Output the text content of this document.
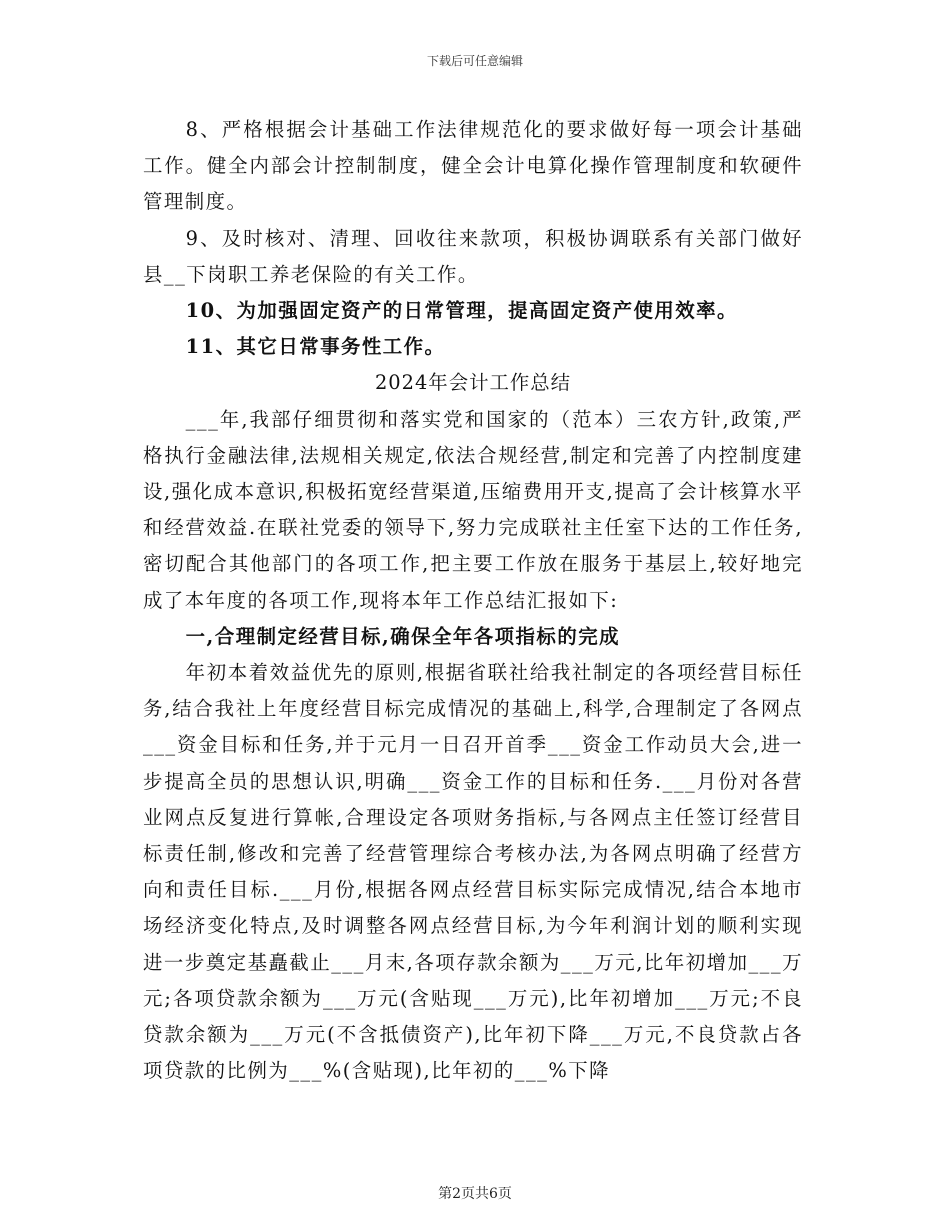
下载后可任意编辑

8、严格根据会计基础工作法律规范化的要求做好每一项会计基础工作。健全内部会计控制制度，健全会计电算化操作管理制度和软硬件管理制度。

9、及时核对、清理、回收往来款项，积极协调联系有关部门做好县__下岗职工养老保险的有关工作。

10、为加强固定资产的日常管理，提高固定资产使用效率。

11、其它日常事务性工作。

2024年会计工作总结

___年,我部仔细贯彻和落实党和国家的（范本）三农方针,政策,严格执行金融法律,法规相关规定,依法合规经营,制定和完善了内控制度建设,强化成本意识,积极拓宽经营渠道,压缩费用开支,提高了会计核算水平和经营效益.在联社党委的领导下,努力完成联社主任室下达的工作任务,密切配合其他部门的各项工作,把主要工作放在服务于基层上,较好地完成了本年度的各项工作,现将本年工作总结汇报如下:

一,合理制定经营目标,确保全年各项指标的完成

年初本着效益优先的原则,根据省联社给我社制定的各项经营目标任务,结合我社上年度经营目标完成情况的基础上,科学,合理制定了各网点___资金目标和任务,并于元月一日召开首季___资金工作动员大会,进一步提高全员的思想认识,明确___资金工作的目标和任务.___月份对各营业网点反复进行算帐,合理设定各项财务指标,与各网点主任签订经营目标责任制,修改和完善了经营管理综合考核办法,为各网点明确了经营方向和责任目标.___月份,根据各网点经营目标实际完成情况,结合本地市场经济变化特点,及时调整各网点经营目标,为今年利润计划的顺利实现进一步奠定基矗截止___月末,各项存款余额为___万元,比年初增加___万元;各项贷款余额为___万元(含贴现___万元),比年初增加___万元;不良贷款余额为___万元(不含抵债资产),比年初下降___万元,不良贷款占各项贷款的比例为___%(含贴现),比年初的___%下降

第2页共6页
